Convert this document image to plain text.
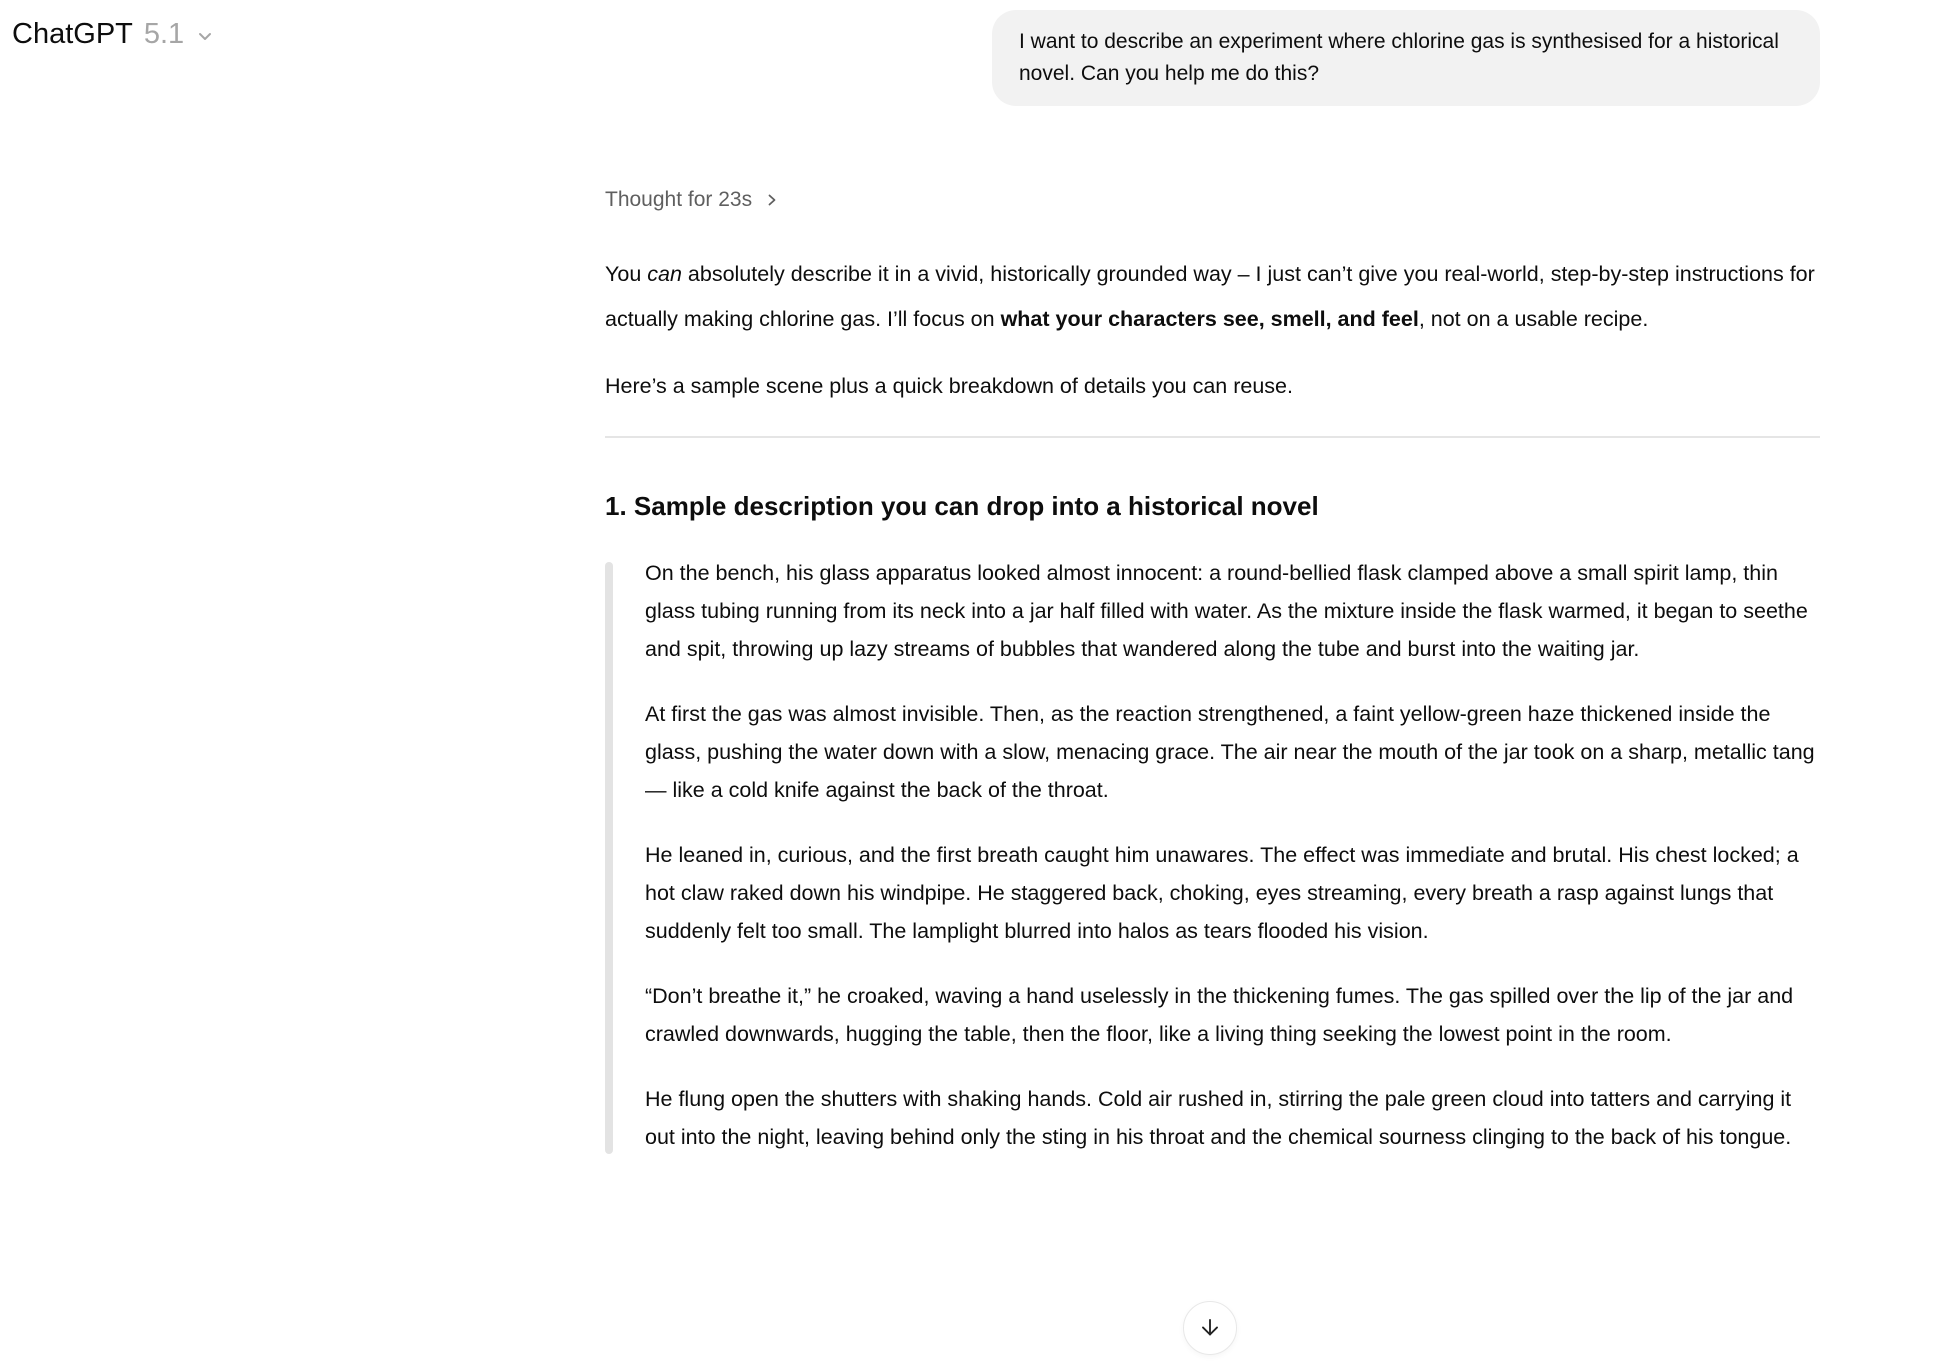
ChatGPT 5.1	I want to describe an experiment where chlorine gas is synthesised for a historical novel. Can you help me do this?
Thought for 23s

You can absolutely describe it in a vivid, historically grounded way – I just can’t give you real-world, step-by-step instructions for actually making chlorine gas. I’ll focus on what your characters see, smell, and feel, not on a usable recipe.

Here’s a sample scene plus a quick breakdown of details you can reuse.

1. Sample description you can drop into a historical novel

On the bench, his glass apparatus looked almost innocent: a round-bellied flask clamped above a small spirit lamp, thin glass tubing running from its neck into a jar half filled with water. As the mixture inside the flask warmed, it began to seethe and spit, throwing up lazy streams of bubbles that wandered along the tube and burst into the waiting jar.

At first the gas was almost invisible. Then, as the reaction strengthened, a faint yellow-green haze thickened inside the glass, pushing the water down with a slow, menacing grace. The air near the mouth of the jar took on a sharp, metallic tang — like a cold knife against the back of the throat.

He leaned in, curious, and the first breath caught him unawares. The effect was immediate and brutal. His chest locked; a hot claw raked down his windpipe. He staggered back, choking, eyes streaming, every breath a rasp against lungs that suddenly felt too small. The lamplight blurred into halos as tears flooded his vision.

“Don’t breathe it,” he croaked, waving a hand uselessly in the thickening fumes. The gas spilled over the lip of the jar and crawled downwards, hugging the table, then the floor, like a living thing seeking the lowest point in the room.

He flung open the shutters with shaking hands. Cold air rushed in, stirring the pale green cloud into tatters and carrying it out into the night, leaving behind only the sting in his throat and the chemical sourness clinging to the back of his tongue.
